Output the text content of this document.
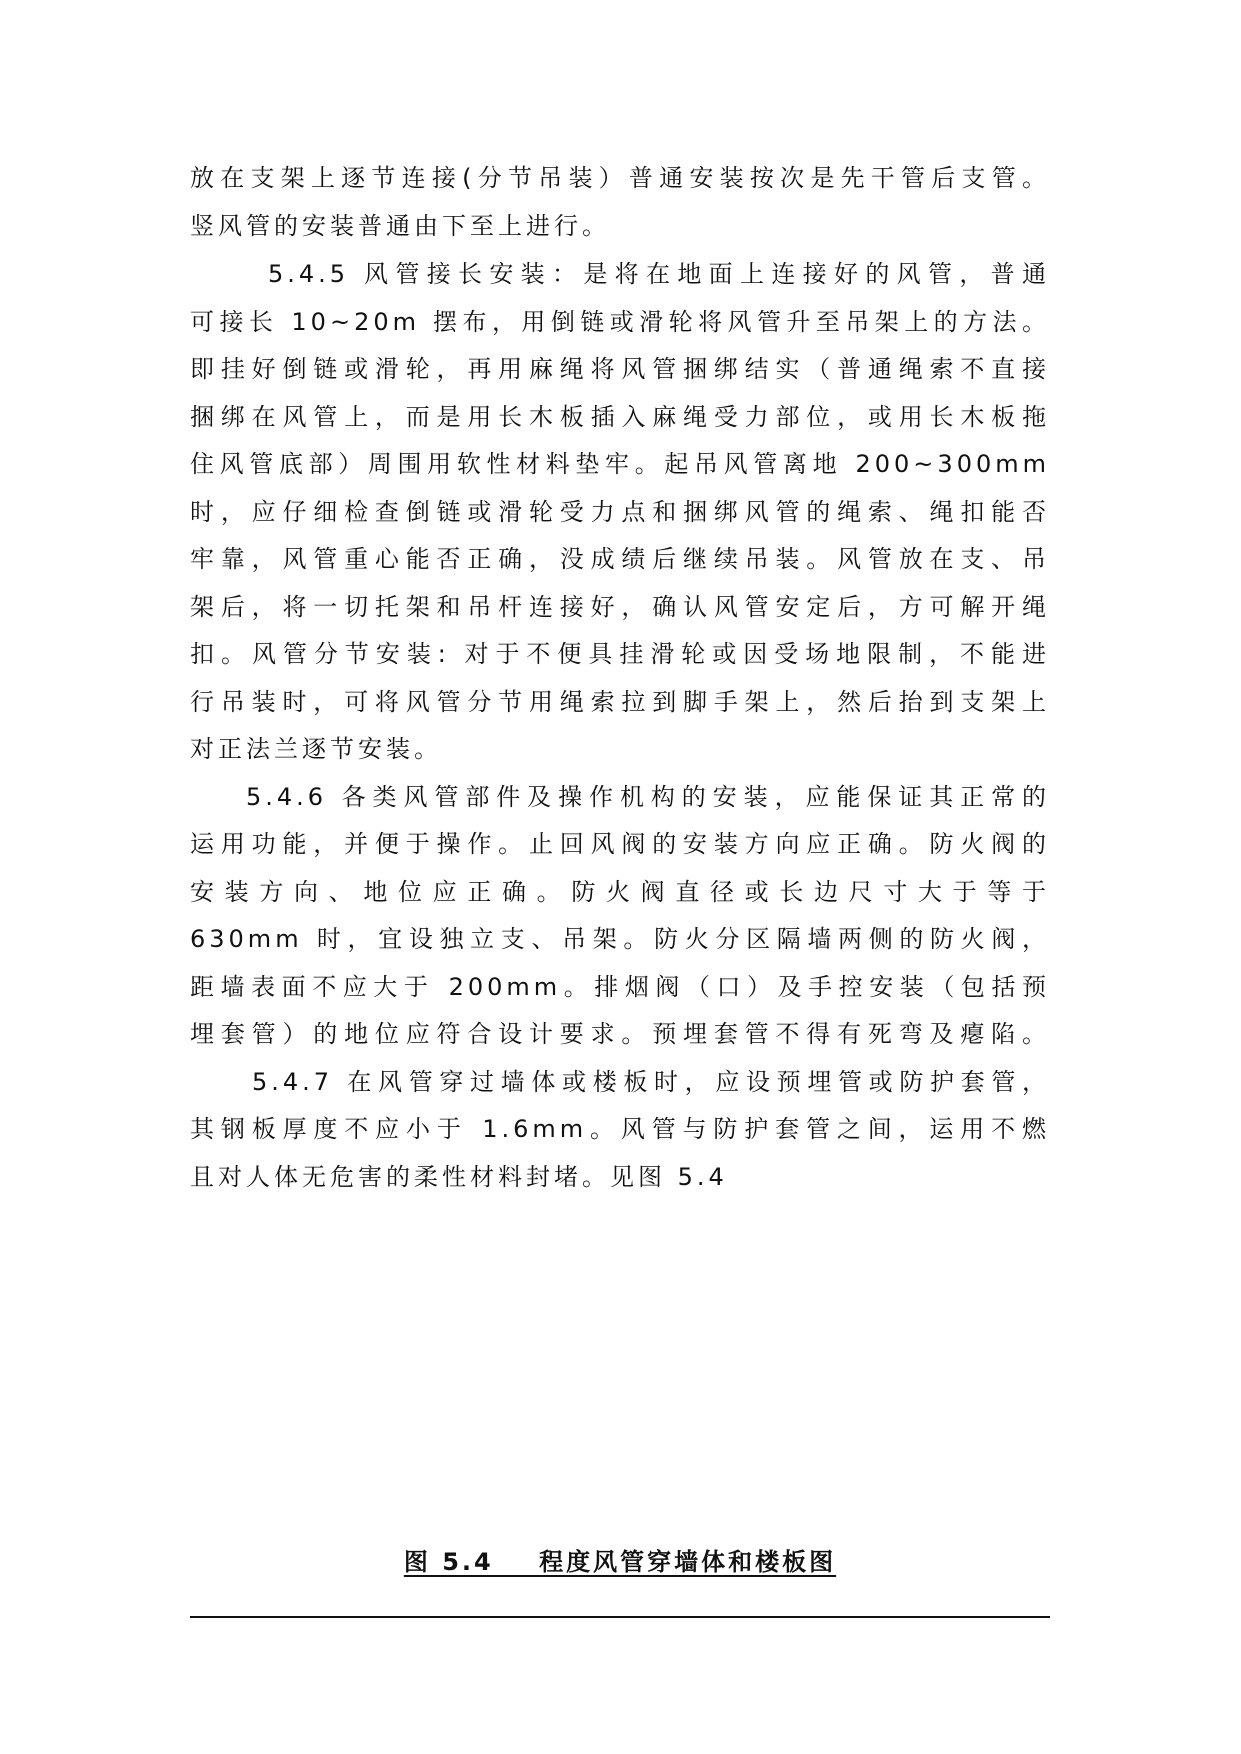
放在支架上逐节连接(分节吊装）普通安装按次是先干管后支管。
竖风管的安装普通由下至上进行。
5.4.5 风管接长安装：是将在地面上连接好的风管，普通
可接长 10~20m 摆布，用倒链或滑轮将风管升至吊架上的方法。
即挂好倒链或滑轮，再用麻绳将风管捆绑结实（普通绳索不直接
捆绑在风管上，而是用长木板插入麻绳受力部位，或用长木板拖
住风管底部）周围用软性材料垫牢。起吊风管离地 200~300mm
时，应仔细检查倒链或滑轮受力点和捆绑风管的绳索、绳扣能否
牢靠，风管重心能否正确，没成绩后继续吊装。风管放在支、吊
架后，将一切托架和吊杆连接好，确认风管安定后，方可解开绳
扣。风管分节安装: 对于不便具挂滑轮或因受场地限制，不能进
行吊装时，可将风管分节用绳索拉到脚手架上，然后抬到支架上
对正法兰逐节安装。
5.4.6 各类风管部件及操作机构的安装，应能保证其正常的
运用功能，并便于操作。止回风阀的安装方向应正确。防火阀的
安装方向、地位应正确。防火阀直径或长边尺寸大于等于
630mm 时，宜设独立支、吊架。防火分区隔墙两侧的防火阀，
距墙表面不应大于 200mm。排烟阀（口）及手控安装（包括预
埋套管）的地位应符合设计要求。预埋套管不得有死弯及瘪陷。
5.4.7 在风管穿过墙体或楼板时，应设预埋管或防护套管，
其钢板厚度不应小于 1.6mm。风管与防护套管之间，运用不燃
且对人体无危害的柔性材料封堵。见图 5.4
图 5.4    程度风管穿墙体和楼板图
